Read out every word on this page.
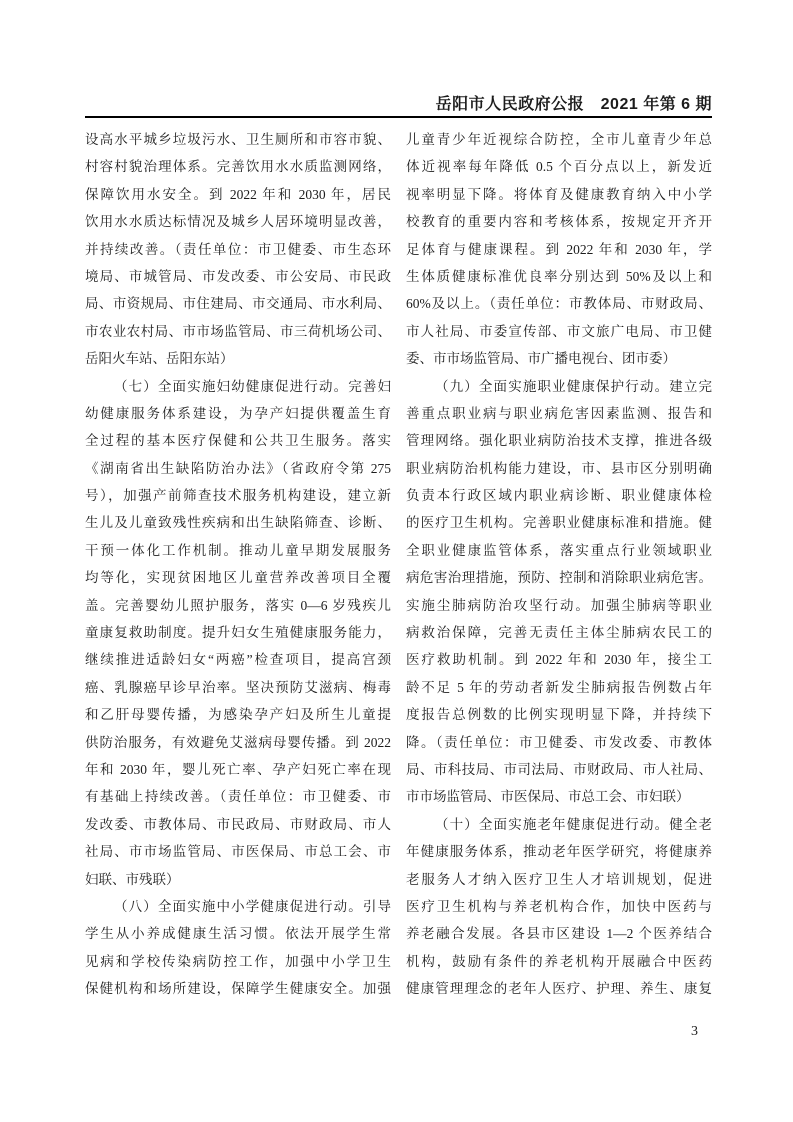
岳阳市人民政府公报　2021 年第 6 期
设高水平城乡垃圾污水、卫生厕所和市容市貌、
村容村貌治理体系。完善饮用水水质监测网络，
保障饮用水安全。到 2022 年和 2030 年，居民
饮用水水质达标情况及城乡人居环境明显改善，
并持续改善。（责任单位：市卫健委、市生态环
境局、市城管局、市发改委、市公安局、市民政
局、市资规局、市住建局、市交通局、市水利局、
市农业农村局、市市场监管局、市三荷机场公司、
岳阳火车站、岳阳东站）
（七）全面实施妇幼健康促进行动。完善妇
幼健康服务体系建设，为孕产妇提供覆盖生育
全过程的基本医疗保健和公共卫生服务。落实
《湖南省出生缺陷防治办法》（省政府令第 275
号），加强产前筛查技术服务机构建设，建立新
生儿及儿童致残性疾病和出生缺陷筛查、诊断、
干预一体化工作机制。推动儿童早期发展服务
均等化，实现贫困地区儿童营养改善项目全覆
盖。完善婴幼儿照护服务，落实 0—6 岁残疾儿
童康复救助制度。提升妇女生殖健康服务能力，
继续推进适龄妇女“两癌”检查项目，提高宫颈
癌、乳腺癌早诊早治率。坚决预防艾滋病、梅毒
和乙肝母婴传播，为感染孕产妇及所生儿童提
供防治服务，有效避免艾滋病母婴传播。到 2022
年和 2030 年，婴儿死亡率、孕产妇死亡率在现
有基础上持续改善。（责任单位：市卫健委、市
发改委、市教体局、市民政局、市财政局、市人
社局、市市场监管局、市医保局、市总工会、市
妇联、市残联）
（八）全面实施中小学健康促进行动。引导
学生从小养成健康生活习惯。依法开展学生常
见病和学校传染病防控工作，加强中小学卫生
保健机构和场所建设，保障学生健康安全。加强
儿童青少年近视综合防控，全市儿童青少年总
体近视率每年降低 0.5 个百分点以上，新发近
视率明显下降。将体育及健康教育纳入中小学
校教育的重要内容和考核体系，按规定开齐开
足体育与健康课程。到 2022 年和 2030 年，学
生体质健康标准优良率分别达到 50%及以上和
60%及以上。（责任单位：市教体局、市财政局、
市人社局、市委宣传部、市文旅广电局、市卫健
委、市市场监管局、市广播电视台、团市委）
（九）全面实施职业健康保护行动。建立完
善重点职业病与职业病危害因素监测、报告和
管理网络。强化职业病防治技术支撑，推进各级
职业病防治机构能力建设，市、县市区分别明确
负责本行政区域内职业病诊断、职业健康体检
的医疗卫生机构。完善职业健康标准和措施。健
全职业健康监管体系，落实重点行业领域职业
病危害治理措施，预防、控制和消除职业病危害。
实施尘肺病防治攻坚行动。加强尘肺病等职业
病救治保障，完善无责任主体尘肺病农民工的
医疗救助机制。到 2022 年和 2030 年，接尘工
龄不足 5 年的劳动者新发尘肺病报告例数占年
度报告总例数的比例实现明显下降，并持续下
降。（责任单位：市卫健委、市发改委、市教体
局、市科技局、市司法局、市财政局、市人社局、
市市场监管局、市医保局、市总工会、市妇联）
（十）全面实施老年健康促进行动。健全老
年健康服务体系，推动老年医学研究，将健康养
老服务人才纳入医疗卫生人才培训规划，促进
医疗卫生机构与养老机构合作，加快中医药与
养老融合发展。各县市区建设 1—2 个医养结合
机构，鼓励有条件的养老机构开展融合中医药
健康管理理念的老年人医疗、护理、养生、康复
3
